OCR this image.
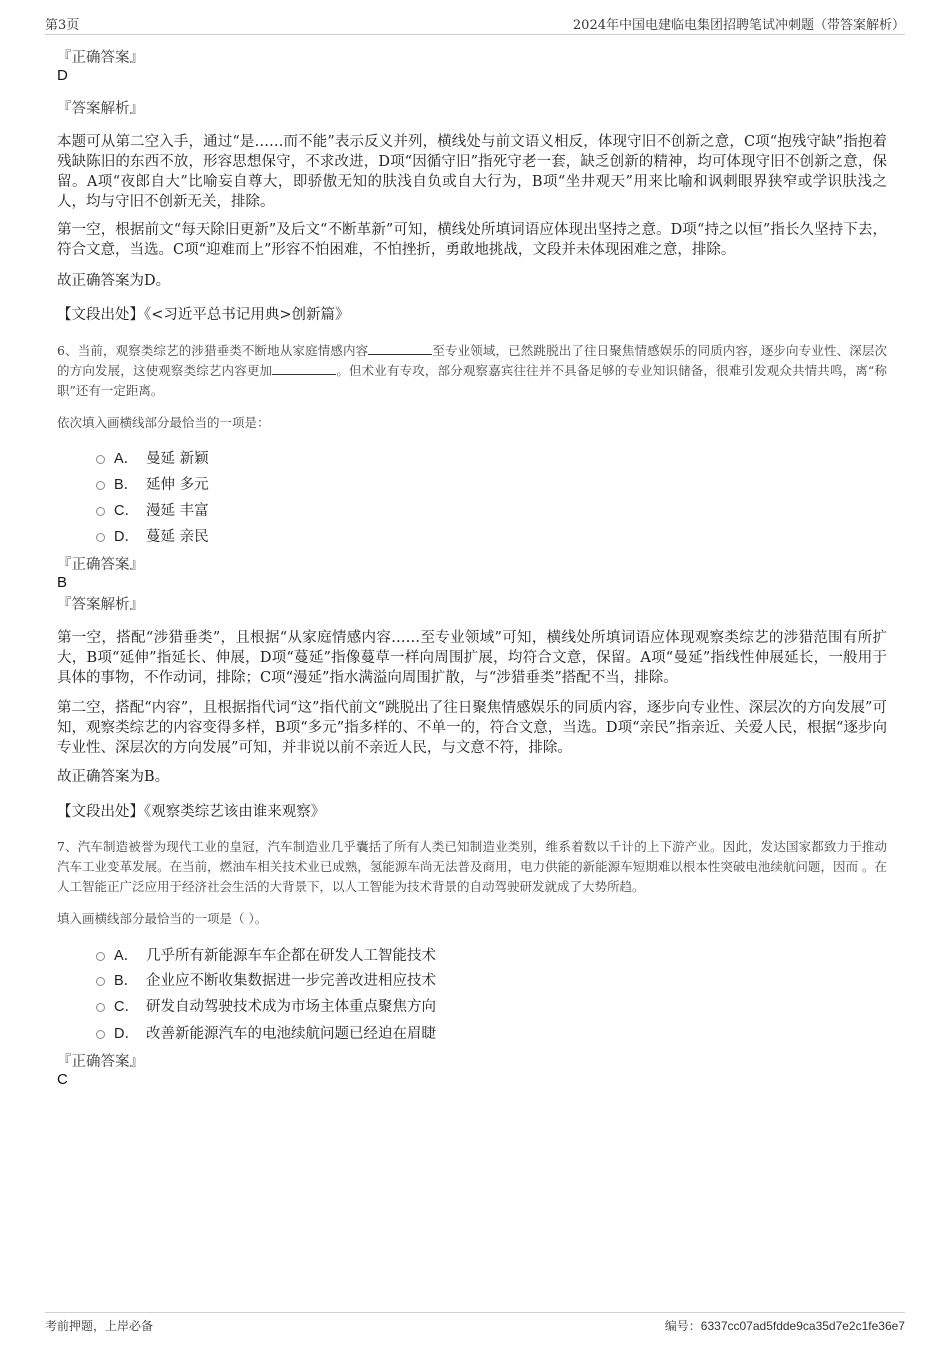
第3页	2024年中国电建临电集团招聘笔试冲刺题（带答案解析）
『正确答案』
D
『答案解析』

本题可从第二空入手，通过“是……而不能”表示反义并列，横线处与前文语义相反，体现守旧不创新之意，C项“抱残守缺”指抱着残缺陈旧的东西不放，形容思想保守，不求改进，D项“因循守旧”指死守老一套，缺乏创新的精神，均可体现守旧不创新之意，保留。A项“夜郎自大”比喻妄自尊大，即骄傲无知的肤浅自负或自大行为，B项“坐井观天”用来比喻和讽刺眼界狭窄或学识肤浅之人，均与守旧不创新无关，排除。

第一空，根据前文“每天除旧更新”及后文“不断革新”可知，横线处所填词语应体现出坚持之意。D项“持之以恒”指长久坚持下去，符合文意，当选。C项“迎难而上”形容不怕困难，不怕挫折，勇敢地挑战，文段并未体现困难之意，排除。

故正确答案为D。

【文段出处】《<习近平总书记用典>创新篇》

6、当前，观察类综艺的涉猎垂类不断地从家庭情感内容	至专业领域，已然跳脱出了往日聚焦情感娱乐的同质内容，逐步向专业性、深层次的方向发展，这使观察类综艺内容更加	。但术业有专攻，部分观察嘉宾往往并不具备足够的专业知识储备，很难引发观众共情共鸣，离“称职”还有一定距离。

依次填入画横线部分最恰当的一项是：

A． 曼延 新颖
B． 延伸 多元
C． 漫延 丰富
D． 蔓延 亲民
『正确答案』
B
『答案解析』

第一空，搭配“涉猎垂类”，且根据“从家庭情感内容……至专业领域”可知，横线处所填词语应体现观察类综艺的涉猎范围有所扩大，B项“延伸”指延长、伸展，D项“蔓延”指像蔓草一样向周围扩展，均符合文意，保留。A项“曼延”指线性伸展延长，一般用于具体的事物，不作动词，排除；C项“漫延”指水满溢向周围扩散，与“涉猎垂类”搭配不当，排除。

第二空，搭配“内容”，且根据指代词“这”指代前文“跳脱出了往日聚焦情感娱乐的同质内容，逐步向专业性、深层次的方向发展”可知，观察类综艺的内容变得多样，B项“多元”指多样的、不单一的，符合文意，当选。D项“亲民”指亲近、关爱人民，根据“逐步向专业性、深层次的方向发展”可知，并非说以前不亲近人民，与文意不符，排除。

故正确答案为B。

【文段出处】《观察类综艺该由谁来观察》

7、汽车制造被誉为现代工业的皇冠，汽车制造业几乎囊括了所有人类已知制造业类别，维系着数以千计的上下游产业。因此，发达国家都致力于推动汽车工业变革发展。在当前，燃油车相关技术业已成熟，氢能源车尚无法普及商用，电力供能的新能源车短期难以根本性突破电池续航问题，因而 。在人工智能正广泛应用于经济社会生活的大背景下，以人工智能为技术背景的自动驾驶研发就成了大势所趋。

填入画横线部分最恰当的一项是（ ）。

A． 几乎所有新能源车车企都在研发人工智能技术
B． 企业应不断收集数据进一步完善改进相应技术
C． 研发自动驾驶技术成为市场主体重点聚焦方向
D． 改善新能源汽车的电池续航问题已经迫在眉睫
『正确答案』
C
考前押题，上岸必备	编号：6337cc07ad5fdde9ca35d7e2c1fe36e7
